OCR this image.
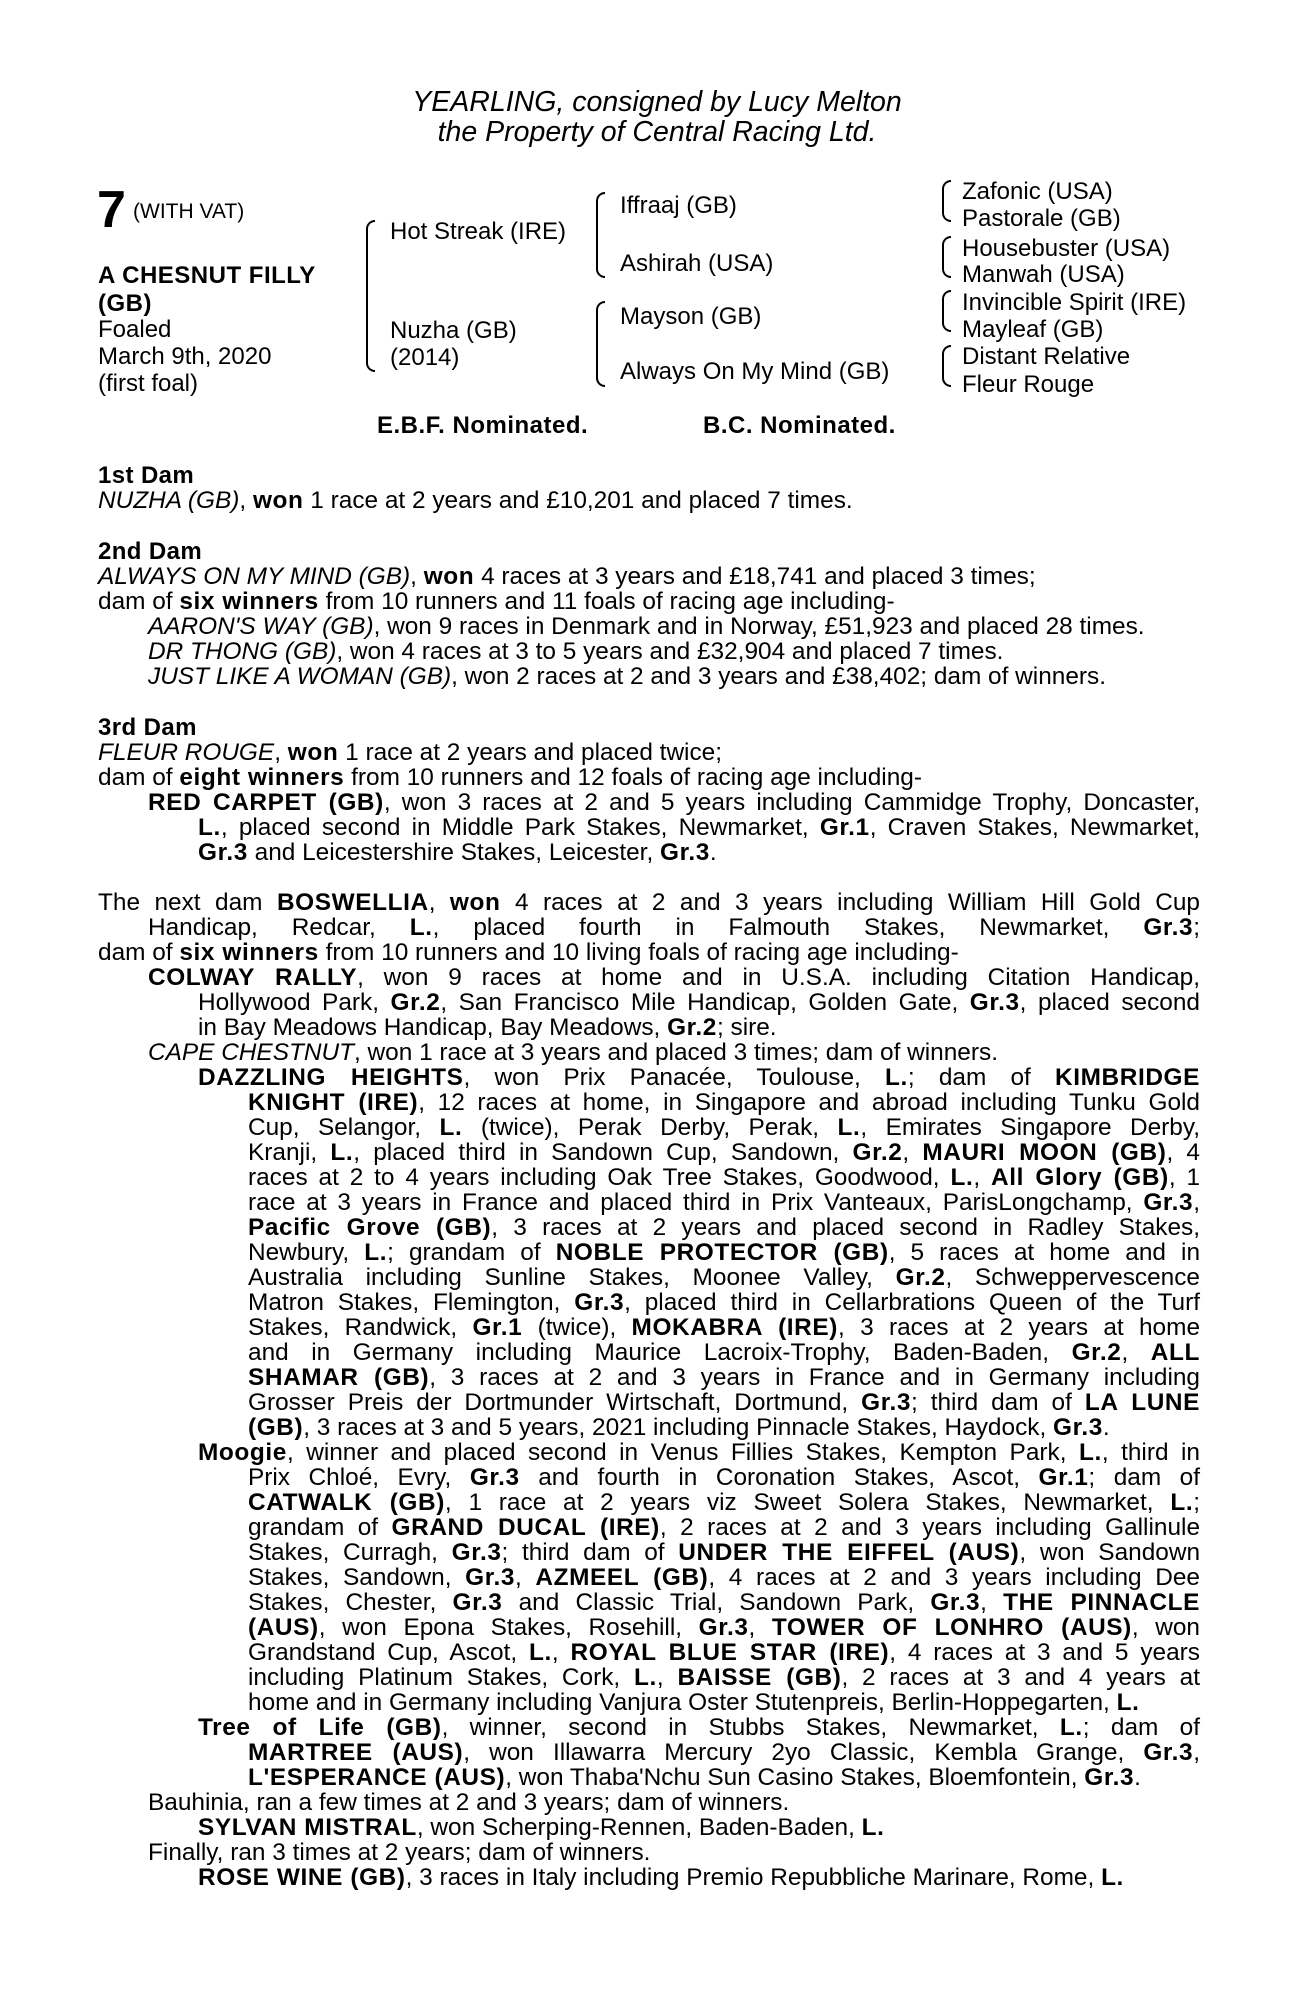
YEARLING, consigned by Lucy Melton
the Property of Central Racing Ltd.
7 (WITH VAT)
A CHESNUT FILLY
(GB)
Foaled
March 9th, 2020
(first foal)
Hot Streak (IRE)
Nuzha (GB)
(2014)
Iffraaj (GB)
Ashirah (USA)
Mayson (GB)
Always On My Mind (GB)
Zafonic (USA)
Pastorale (GB)
Housebuster (USA)
Manwah (USA)
Invincible Spirit (IRE)
Mayleaf (GB)
Distant Relative
Fleur Rouge
E.B.F. Nominated.	B.C. Nominated.
1st Dam
NUZHA (GB), won 1 race at 2 years and £10,201 and placed 7 times.
2nd Dam
ALWAYS ON MY MIND (GB), won 4 races at 3 years and £18,741 and placed 3 times;
dam of six winners from 10 runners and 11 foals of racing age including-
AARON'S WAY (GB), won 9 races in Denmark and in Norway, £51,923 and placed 28 times.
DR THONG (GB), won 4 races at 3 to 5 years and £32,904 and placed 7 times.
JUST LIKE A WOMAN (GB), won 2 races at 2 and 3 years and £38,402; dam of winners.
3rd Dam
FLEUR ROUGE, won 1 race at 2 years and placed twice;
dam of eight winners from 10 runners and 12 foals of racing age including-
RED CARPET (GB), won 3 races at 2 and 5 years including Cammidge Trophy, Doncaster,
L., placed second in Middle Park Stakes, Newmarket, Gr.1, Craven Stakes, Newmarket,
Gr.3 and Leicestershire Stakes, Leicester, Gr.3.
The next dam BOSWELLIA, won 4 races at 2 and 3 years including William Hill Gold Cup
Handicap, Redcar, L., placed fourth in Falmouth Stakes, Newmarket, Gr.3;
dam of six winners from 10 runners and 10 living foals of racing age including-
COLWAY RALLY, won 9 races at home and in U.S.A. including Citation Handicap,
Hollywood Park, Gr.2, San Francisco Mile Handicap, Golden Gate, Gr.3, placed second
in Bay Meadows Handicap, Bay Meadows, Gr.2; sire.
CAPE CHESTNUT, won 1 race at 3 years and placed 3 times; dam of winners.
DAZZLING HEIGHTS, won Prix Panacée, Toulouse, L.; dam of KIMBRIDGE
KNIGHT (IRE), 12 races at home, in Singapore and abroad including Tunku Gold
Cup, Selangor, L. (twice), Perak Derby, Perak, L., Emirates Singapore Derby,
Kranji, L., placed third in Sandown Cup, Sandown, Gr.2, MAURI MOON (GB), 4
races at 2 to 4 years including Oak Tree Stakes, Goodwood, L., All Glory (GB), 1
race at 3 years in France and placed third in Prix Vanteaux, ParisLongchamp, Gr.3,
Pacific Grove (GB), 3 races at 2 years and placed second in Radley Stakes,
Newbury, L.; grandam of NOBLE PROTECTOR (GB), 5 races at home and in
Australia including Sunline Stakes, Moonee Valley, Gr.2, Schweppervescence
Matron Stakes, Flemington, Gr.3, placed third in Cellarbrations Queen of the Turf
Stakes, Randwick, Gr.1 (twice), MOKABRA (IRE), 3 races at 2 years at home
and in Germany including Maurice Lacroix-Trophy, Baden-Baden, Gr.2, ALL
SHAMAR (GB), 3 races at 2 and 3 years in France and in Germany including
Grosser Preis der Dortmunder Wirtschaft, Dortmund, Gr.3; third dam of LA LUNE
(GB), 3 races at 3 and 5 years, 2021 including Pinnacle Stakes, Haydock, Gr.3.
Moogie, winner and placed second in Venus Fillies Stakes, Kempton Park, L., third in
Prix Chloé, Evry, Gr.3 and fourth in Coronation Stakes, Ascot, Gr.1; dam of
CATWALK (GB), 1 race at 2 years viz Sweet Solera Stakes, Newmarket, L.;
grandam of GRAND DUCAL (IRE), 2 races at 2 and 3 years including Gallinule
Stakes, Curragh, Gr.3; third dam of UNDER THE EIFFEL (AUS), won Sandown
Stakes, Sandown, Gr.3, AZMEEL (GB), 4 races at 2 and 3 years including Dee
Stakes, Chester, Gr.3 and Classic Trial, Sandown Park, Gr.3, THE PINNACLE
(AUS), won Epona Stakes, Rosehill, Gr.3, TOWER OF LONHRO (AUS), won
Grandstand Cup, Ascot, L., ROYAL BLUE STAR (IRE), 4 races at 3 and 5 years
including Platinum Stakes, Cork, L., BAISSE (GB), 2 races at 3 and 4 years at
home and in Germany including Vanjura Oster Stutenpreis, Berlin-Hoppegarten, L.
Tree of Life (GB), winner, second in Stubbs Stakes, Newmarket, L.; dam of
MARTREE (AUS), won Illawarra Mercury 2yo Classic, Kembla Grange, Gr.3,
L'ESPERANCE (AUS), won Thaba'Nchu Sun Casino Stakes, Bloemfontein, Gr.3.
Bauhinia, ran a few times at 2 and 3 years; dam of winners.
SYLVAN MISTRAL, won Scherping-Rennen, Baden-Baden, L.
Finally, ran 3 times at 2 years; dam of winners.
ROSE WINE (GB), 3 races in Italy including Premio Repubbliche Marinare, Rome, L.
